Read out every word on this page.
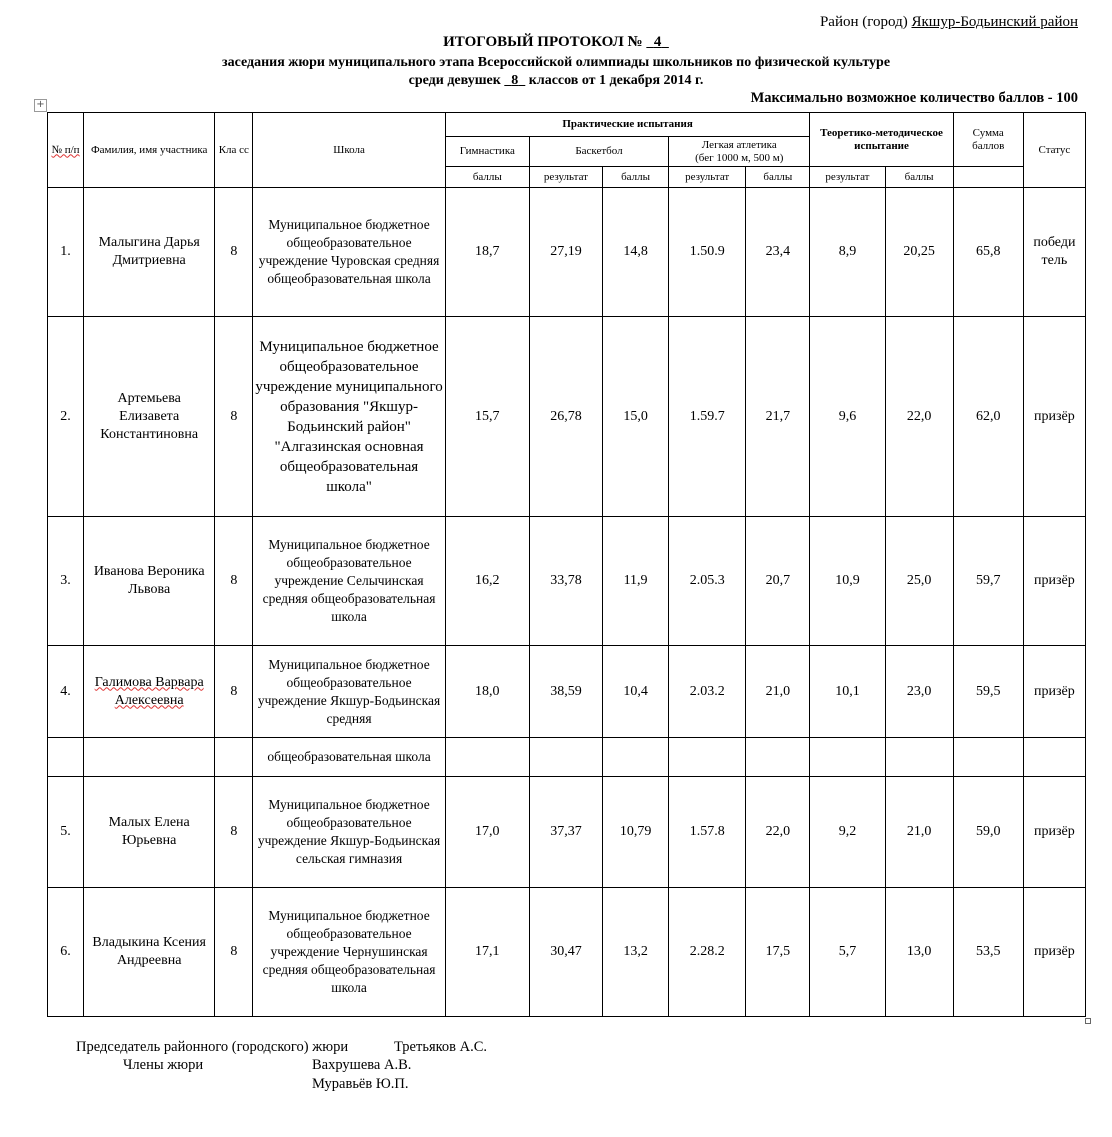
Район (город) Якшур-Бодьинский район
ИТОГОВЫЙ ПРОТОКОЛ № 4
заседания жюри муниципального этапа Всероссийской олимпиады школьников по физической культуре
среди девушек 8 классов от 1 декабря 2014 г.
Максимально возможное количество баллов - 100
+
№ п/п	Фамилия, имя участника	Кла сс	Школа	Практические испытания					Теоретико-методическое испытание		Сумма баллов	Статус
				Гимнастика	Баскетбол		Легкая атлетика
(бег 1000 м, 500 м)					

				баллы	результат	баллы	результат	баллы	результат	баллы		
1.	Малыгина Дарья Дмитриевна	8	Муниципальное бюджетное общеобразовательное учреждение Чуровская средняя общеобразовательная школа	18,7	27,19	14,8	1.50.9	23,4	8,9	20,25	65,8	победи тель
2.	Артемьева Елизавета Константиновна	8	Муниципальное бюджетное общеобразовательное учреждение муниципального образования "Якшур-Бодьинский район" "Алгазинская основная общеобразовательная школа"	15,7	26,78	15,0	1.59.7	21,7	9,6	22,0	62,0	призёр
3.	Иванова Вероника Львова	8	Муниципальное бюджетное общеобразовательное учреждение Селычинская средняя общеобразовательная школа	16,2	33,78	11,9	2.05.3	20,7	10,9	25,0	59,7	призёр
4.	Галимова Варвара Алексеевна	8	Муниципальное бюджетное общеобразовательное учреждение Якшур-Бодьинская средняя	18,0	38,59	10,4	2.03.2	21,0	10,1	23,0	59,5	призёр
			общеобразовательная школа									
5.	Малых Елена Юрьевна	8	Муниципальное бюджетное общеобразовательное учреждение Якшур-Бодьинская сельская гимназия	17,0	37,37	10,79	1.57.8	22,0	9,2	21,0	59,0	призёр
6.	Владыкина Ксения Андреевна	8	Муниципальное бюджетное общеобразовательное учреждение Чернушинская средняя общеобразовательная школа	17,1	30,47	13,2	2.28.2	17,5	5,7	13,0	53,5	призёр
Председатель районного (городского) жюри	Третьяков А.С.
Члены жюри	Вахрушева А.В.
Муравьёв Ю.П.
